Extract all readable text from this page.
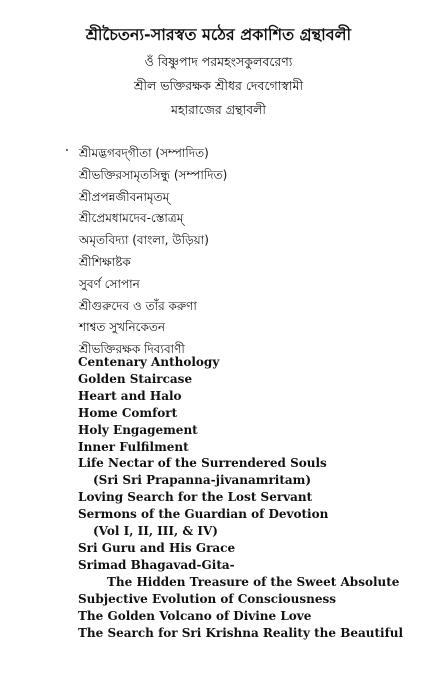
শ্রীচৈতন্য-সারস্বত মঠের প্রকাশিত গ্রন্থাবলী
ওঁ বিষ্ণুপাদ পরমহংসকুলবরেণ্য
শ্রীল ভক্তিরক্ষক শ্রীধর দেবগোস্বামী
মহারাজের গ্রন্থাবলী
শ্রীমদ্ভগবদ্‌গীতা (সম্পাদিত)
শ্রীভক্তিরসামৃতসিন্ধু (সম্পাদিত)
শ্রীপ্রপন্নজীবনামৃতম্
শ্রীপ্রেমধামদেব-স্তোত্রম্
অমৃতবিদ্যা (বাংলা, উড়িয়া)
শ্রীশিক্ষাষ্টক
সুবর্ণ সোপান
শ্রীগুরুদেব ও তাঁর করুণা
শাশ্বত সুখনিকেতন
শ্রীভক্তিরক্ষক দিব্যবাণী
Centenary Anthology
Golden Staircase
Heart and Halo
Home Comfort
Holy Engagement
Inner Fulfilment
Life Nectar of the Surrendered Souls
(Sri Sri Prapanna-jivanamritam)
Loving Search for the Lost Servant
Sermons of the Guardian of Devotion
(Vol I, II, III, & IV)
Sri Guru and His Grace
Srimad Bhagavad-Gita-
The Hidden Treasure of the Sweet Absolute
Subjective Evolution of Consciousness
The Golden Volcano of Divine Love
The Search for Sri Krishna Reality the Beautiful
